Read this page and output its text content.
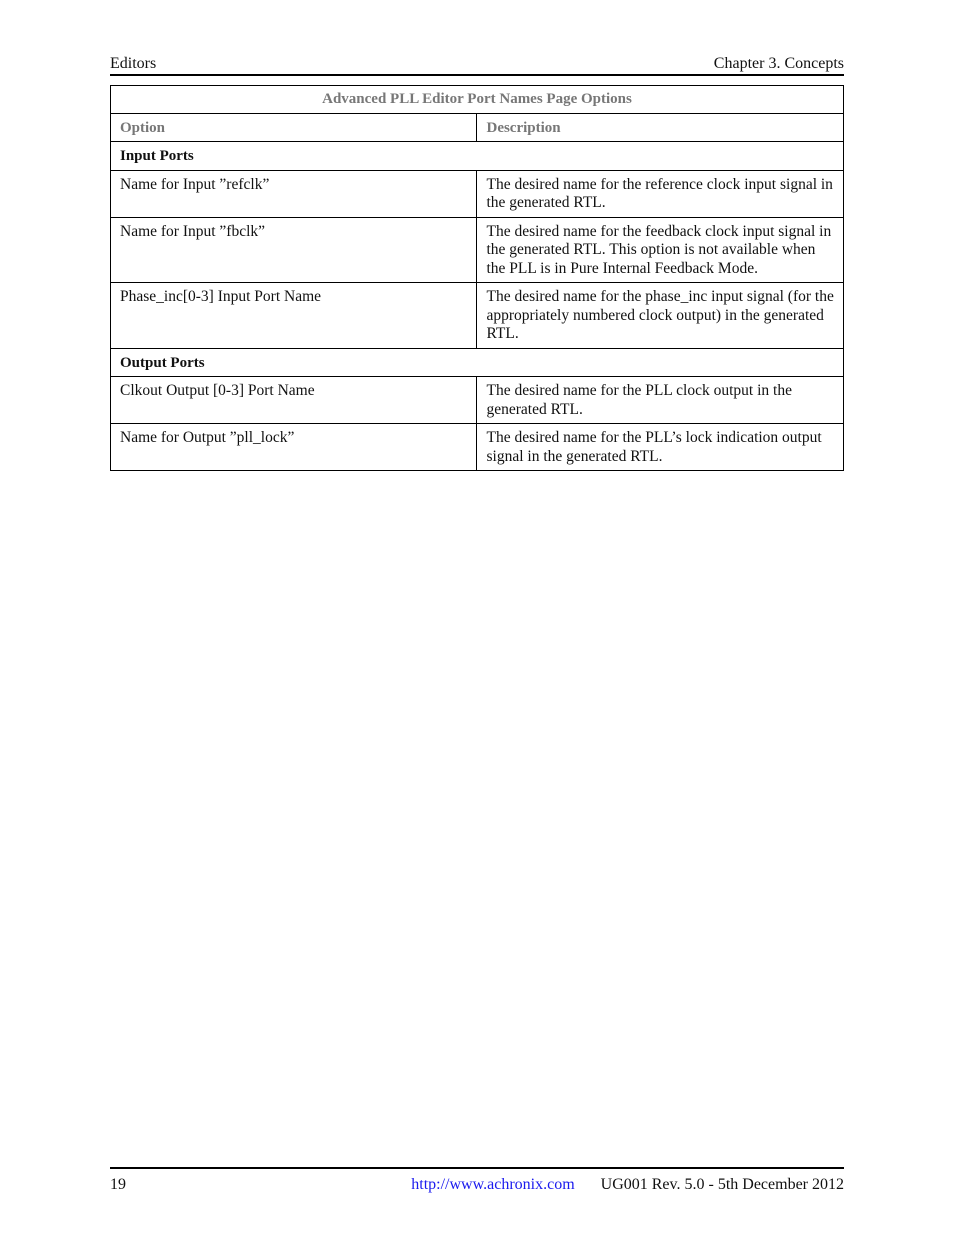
Editors	Chapter 3. Concepts
Advanced PLL Editor Port Names Page Options	
Option	Description
Input Ports	
Name for Input ”refclk”	The desired name for the reference clock input signal in the generated RTL.
Name for Input ”fbclk”	The desired name for the feedback clock input signal in the generated RTL. This option is not available when the PLL is in Pure Internal Feedback Mode.
Phase_inc[0-3] Input Port Name	The desired name for the phase_inc input signal (for the appropriately numbered clock output) in the generated RTL.
Output Ports	
Clkout Output [0-3] Port Name	The desired name for the PLL clock output in the generated RTL.
Name for Output ”pll_lock”	The desired name for the PLL’s lock indication output signal in the generated RTL.
19	http://www.achronix.com UG001 Rev. 5.0 - 5th December 2012
